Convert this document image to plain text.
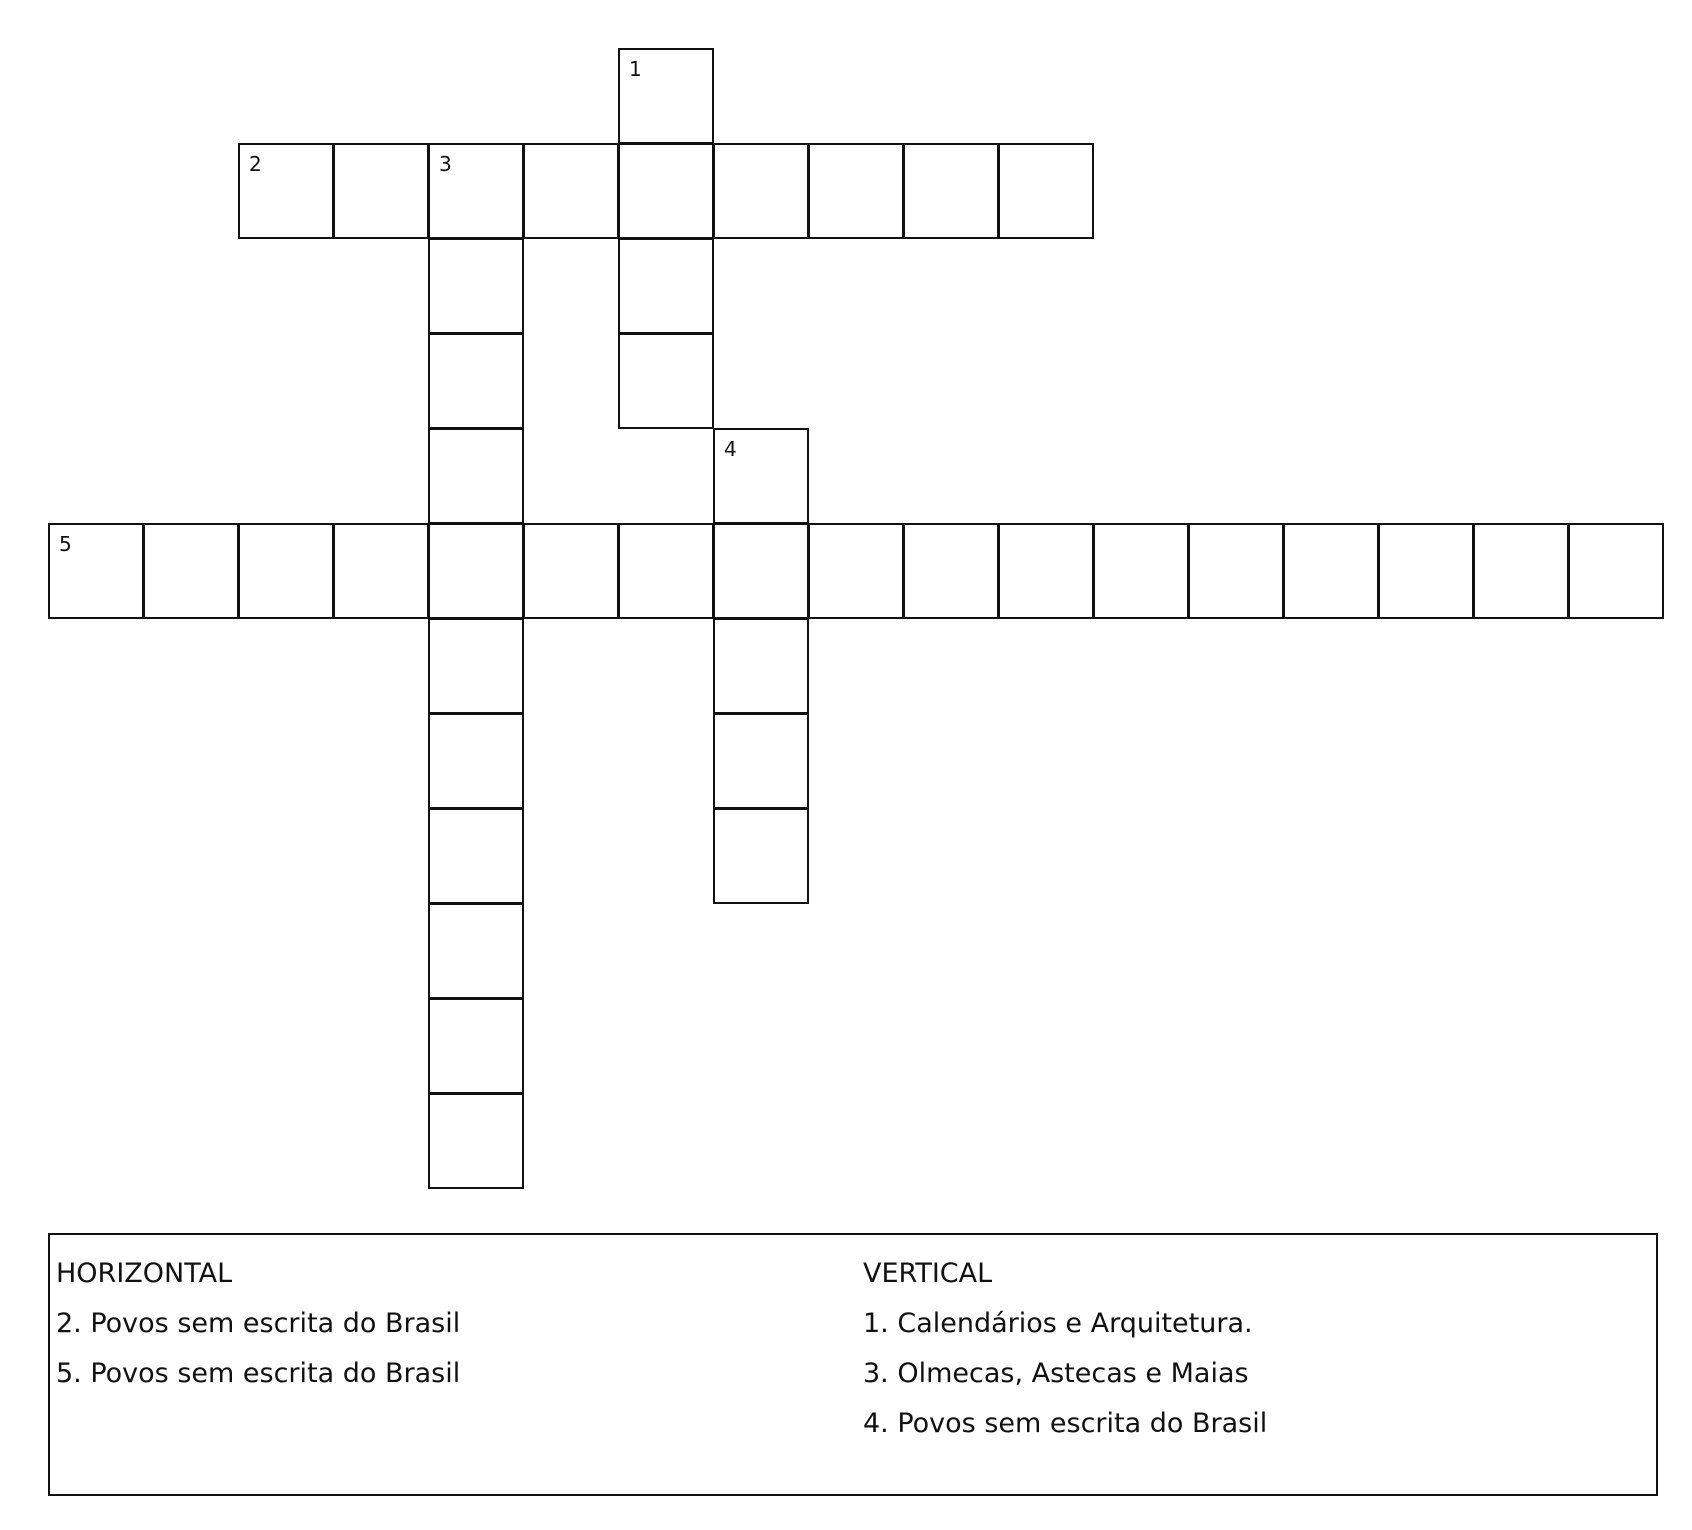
1
2	3
4
5
HORIZONTAL
2. Povos sem escrita do Brasil
5. Povos sem escrita do Brasil
VERTICAL
1. Calendários e Arquitetura.
3. Olmecas, Astecas e Maias
4. Povos sem escrita do Brasil
